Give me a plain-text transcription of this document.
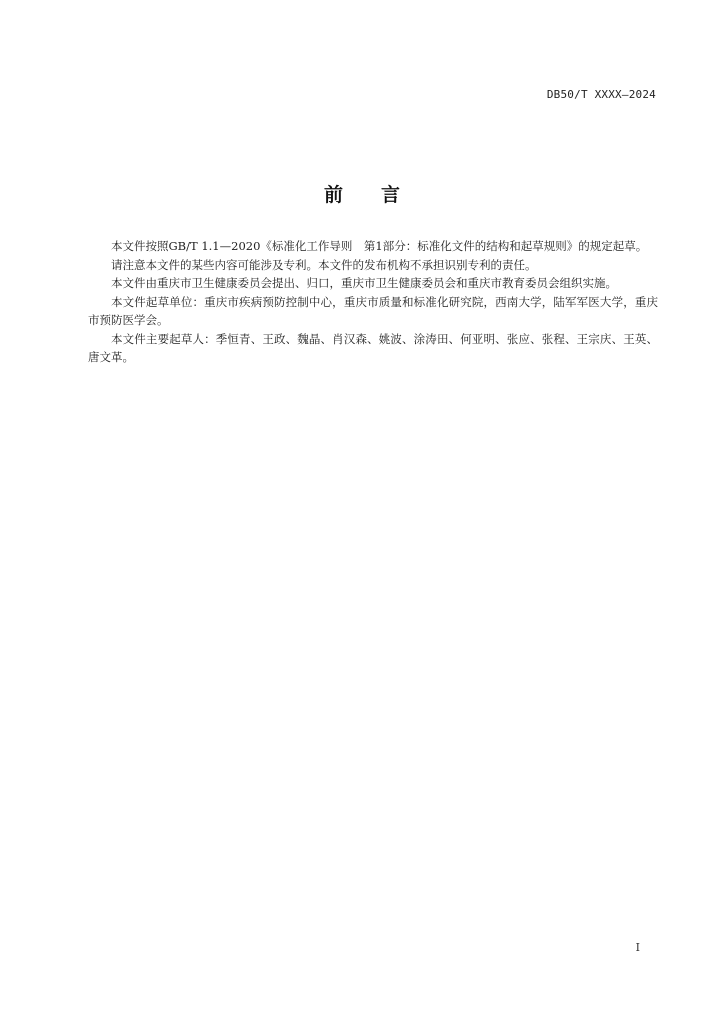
DB50/T XXXX—2024
前　　言

本文件按照GB/T 1.1—2020《标准化工作导则　第1部分：标准化文件的结构和起草规则》的规定起草。

请注意本文件的某些内容可能涉及专利。本文件的发布机构不承担识别专利的责任。

本文件由重庆市卫生健康委员会提出、归口，重庆市卫生健康委员会和重庆市教育委员会组织实施。

本文件起草单位：重庆市疾病预防控制中心，重庆市质量和标准化研究院，西南大学，陆军军医大学，重庆市预防医学会。

本文件主要起草人：季恒青、王政、魏晶、肖汉森、姚波、涂涛田、何亚明、张应、张程、王宗庆、王英、唐文革。

I
